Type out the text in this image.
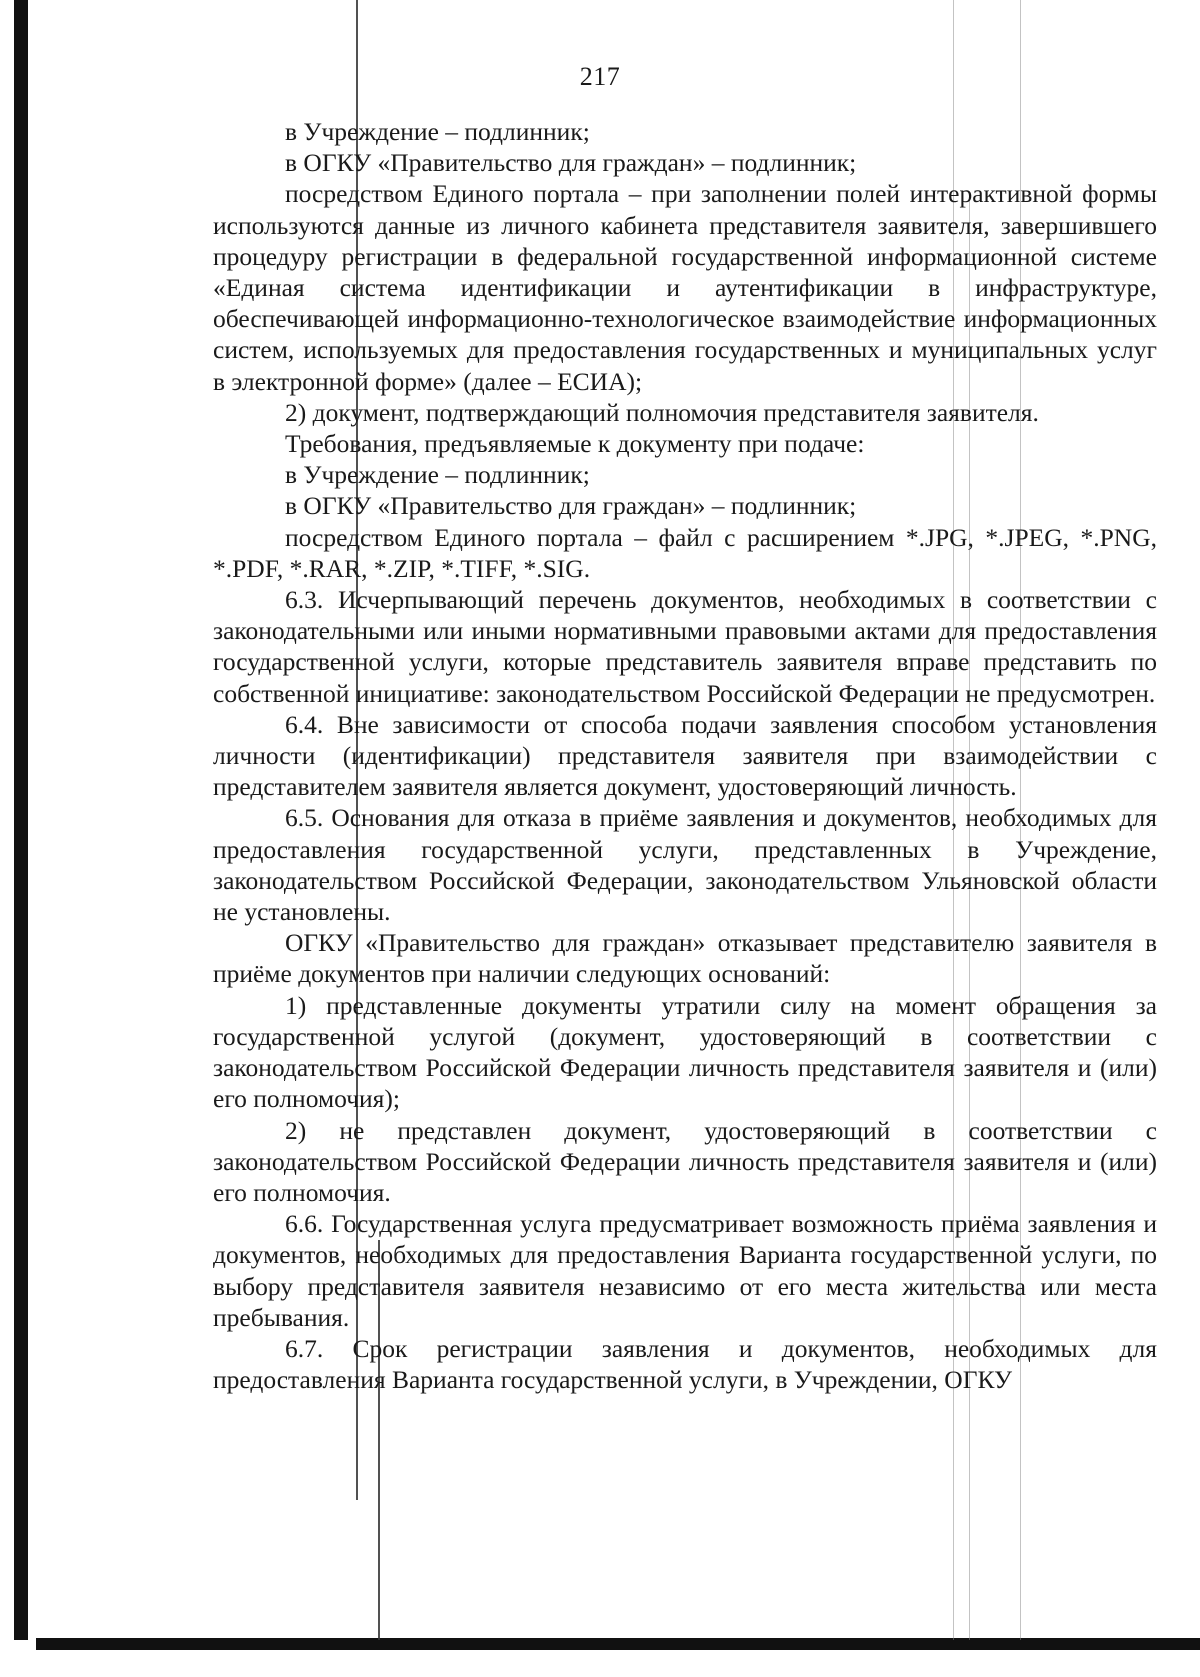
217

в Учреждение – подлинник;

в ОГКУ «Правительство для граждан» – подлинник;

посредством Единого портала – при заполнении полей интерактивной формы используются данные из личного кабинета представителя заявителя, завершившего процедуру регистрации в федеральной государственной информационной системе «Единая система идентификации и аутентификации в инфраструктуре, обеспечивающей информационно-технологическое взаимодействие информационных систем, используемых для предоставления государственных и муниципальных услуг в электронной форме» (далее – ЕСИА);

2) документ, подтверждающий полномочия представителя заявителя.

Требования, предъявляемые к документу при подаче:

в Учреждение – подлинник;

в ОГКУ «Правительство для граждан» – подлинник;

посредством Единого портала – файл с расширением *.JPG, *.JPEG, *.PNG, *.PDF, *.RAR, *.ZIP, *.TIFF, *.SIG.

6.3. Исчерпывающий перечень документов, необходимых в соответствии с законодательными или иными нормативными правовыми актами для предоставления государственной услуги, которые представитель заявителя вправе представить по собственной инициативе: законодательством Российской Федерации не предусмотрен.

6.4. Вне зависимости от способа подачи заявления способом установления личности (идентификации) представителя заявителя при взаимодействии с представителем заявителя является документ, удостоверяющий личность.

6.5. Основания для отказа в приёме заявления и документов, необходимых для предоставления государственной услуги, представленных в Учреждение, законодательством Российской Федерации, законодательством Ульяновской области не установлены.

ОГКУ «Правительство для граждан» отказывает представителю заявителя в приёме документов при наличии следующих оснований:

1) представленные документы утратили силу на момент обращения за государственной услугой (документ, удостоверяющий в соответствии с законодательством Российской Федерации личность представителя заявителя и (или) его полномочия);

2) не представлен документ, удостоверяющий в соответствии с законодательством Российской Федерации личность представителя заявителя и (или) его полномочия.

6.6. Государственная услуга предусматривает возможность приёма заявления и документов, необходимых для предоставления Варианта государственной услуги, по выбору представителя заявителя независимо от его места жительства или места пребывания.

6.7. Срок регистрации заявления и документов, необходимых для предоставления Варианта государственной услуги, в Учреждении, ОГКУ
